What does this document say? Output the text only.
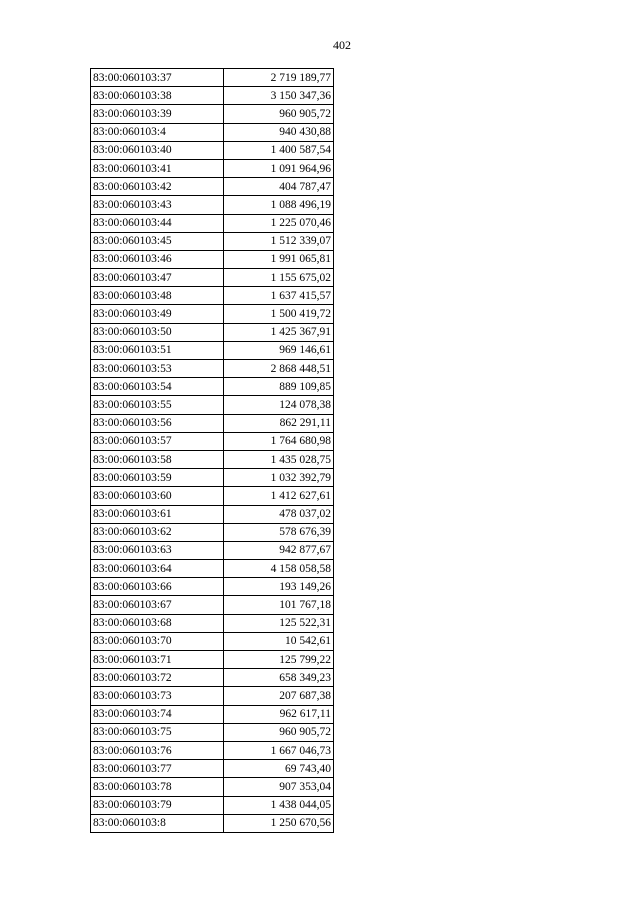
402
83:00:060103:37	2 719 189,77
83:00:060103:38	3 150 347,36
83:00:060103:39	960 905,72
83:00:060103:4	940 430,88
83:00:060103:40	1 400 587,54
83:00:060103:41	1 091 964,96
83:00:060103:42	404 787,47
83:00:060103:43	1 088 496,19
83:00:060103:44	1 225 070,46
83:00:060103:45	1 512 339,07
83:00:060103:46	1 991 065,81
83:00:060103:47	1 155 675,02
83:00:060103:48	1 637 415,57
83:00:060103:49	1 500 419,72
83:00:060103:50	1 425 367,91
83:00:060103:51	969 146,61
83:00:060103:53	2 868 448,51
83:00:060103:54	889 109,85
83:00:060103:55	124 078,38
83:00:060103:56	862 291,11
83:00:060103:57	1 764 680,98
83:00:060103:58	1 435 028,75
83:00:060103:59	1 032 392,79
83:00:060103:60	1 412 627,61
83:00:060103:61	478 037,02
83:00:060103:62	578 676,39
83:00:060103:63	942 877,67
83:00:060103:64	4 158 058,58
83:00:060103:66	193 149,26
83:00:060103:67	101 767,18
83:00:060103:68	125 522,31
83:00:060103:70	10 542,61
83:00:060103:71	125 799,22
83:00:060103:72	658 349,23
83:00:060103:73	207 687,38
83:00:060103:74	962 617,11
83:00:060103:75	960 905,72
83:00:060103:76	1 667 046,73
83:00:060103:77	69 743,40
83:00:060103:78	907 353,04
83:00:060103:79	1 438 044,05
83:00:060103:8	1 250 670,56
